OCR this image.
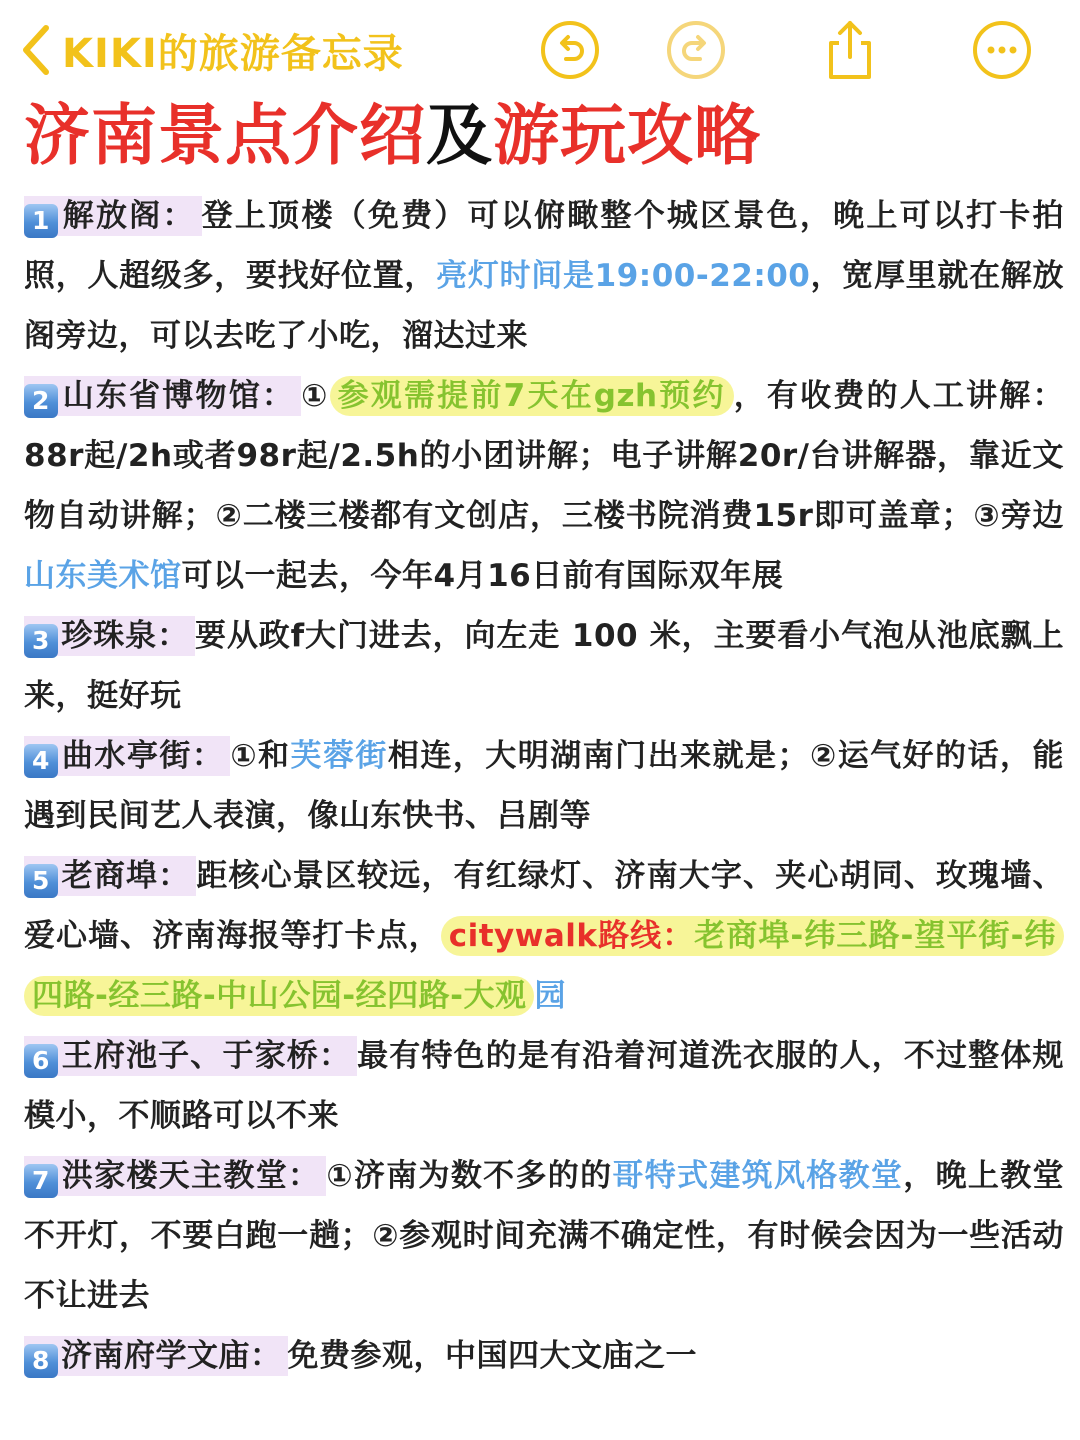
KIKI的旅游备忘录
济南景点介绍及游玩攻略

1 解放阁： 登上顶楼（免费）可以俯瞰整个城区景色，晚上可以打卡拍照，人超级多，要找好位置，亮灯时间是19:00-22:00，宽厚里就在解放阁旁边，可以去吃了小吃，溜达过来

2 山东省博物馆： ① 参观需提前7天在gzh预约 ，有收费的人工讲解：88r起/2h或者98r起/2.5h的小团讲解；电子讲解20r/台讲解器，靠近文物自动讲解；②二楼三楼都有文创店，三楼书院消费15r即可盖章；③旁边山东美术馆可以一起去，今年4月16日前有国际双年展

3 珍珠泉： 要从政f大门进去，向左走 100 米，主要看小气泡从池底飘上来，挺好玩

4 曲水亭街： ①和芙蓉街相连，大明湖南门出来就是；②运气好的话，能遇到民间艺人表演，像山东快书、吕剧等

5 老商埠： 距核心景区较远，有红绿灯、济南大字、夹心胡同、玫瑰墙、爱心墙、济南海报等打卡点， citywalk路线：老商埠-纬三路-望平街-纬四路-经三路-中山公园-经四路-大观 园

6 王府池子、于家桥： 最有特色的是有沿着河道洗衣服的人，不过整体规模小，不顺路可以不来

7 洪家楼天主教堂： ①济南为数不多的的哥特式建筑风格教堂，晚上教堂不开灯，不要白跑一趟；②参观时间充满不确定性，有时候会因为一些活动不让进去

8 济南府学文庙： 免费参观，中国四大文庙之一
